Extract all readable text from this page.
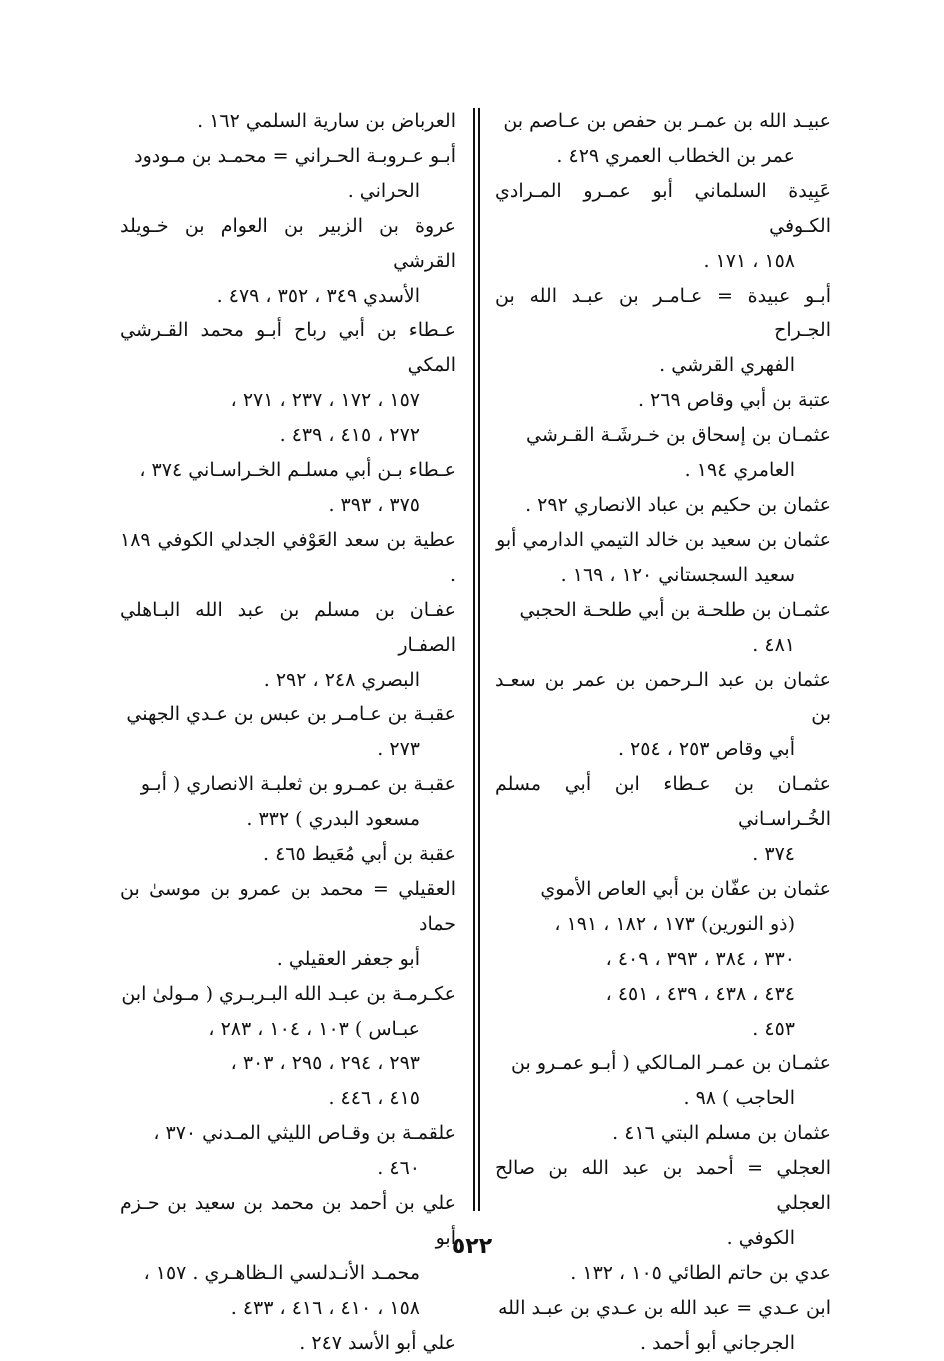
عبيـد الله بن عمـر بن حفص بن عـاصم بن
عمر بن الخطاب العمري ٤٢٩ .
عَبِيدة السلماني أبو عمـرو المـرادي الكـوفي
١٥٨ ، ١٧١ .
أبـو عبيدة = عـامـر بن عبـد الله بن الجـراح
الفهري القرشي .
عتبة بن أبي وقاص ٢٦٩ .
عثمـان بن إسحاق بن خـرشَـة القـرشي
العامري ١٩٤ .
عثمان بن حكيم بن عباد الانصاري ٢٩٢ .
عثمان بن سعيد بن خالد التيمي الدارمي أبو
سعيد السجستاني ١٢٠ ، ١٦٩ .
عثمـان بن طلحـة بن أبي طلحـة الحجبي
٤٨١ .
عثمان بن عبد الـرحمن بن عمر بن سعـد بن
أبي وقاص ٢٥٣ ، ٢٥٤ .
عثمـان بن عـطاء ابن أبي مسلم الخُـراسـاني
٣٧٤ .
عثمان بن عفّان بن أبي العاص الأموي
(ذو النورين) ١٧٣ ، ١٨٢ ، ١٩١ ،
٣٣٠ ، ٣٨٤ ، ٣٩٣ ، ٤٠٩ ،
٤٣٤ ، ٤٣٨ ، ٤٣٩ ، ٤٥١ ،
٤٥٣ .
عثمـان بن عمـر المـالكي ( أبـو عمـرو بن
الحاجب ) ٩٨ .
عثمان بن مسلم البتي ٤١٦ .
العجلي = أحمد بن عبد الله بن صالح العجلي
الكوفي .
عدي بن حاتم الطائي ١٠٥ ، ١٣٢ .
ابن عـدي = عبد الله بن عـدي بن عبـد الله
الجرجاني أبو أحمد .
العرباض بن سارية السلمي ١٦٢ .
أبـو عـروبـة الحـراني = محمـد بن مـودود
الحراني .
عروة بن الزبير بن العوام بن خـويلد القرشي
الأسدي ٣٤٩ ، ٣٥٢ ، ٤٧٩ .
عـطاء بن أبي رباح أبـو محمد القـرشي المكي
١٥٧ ، ١٧٢ ، ٢٣٧ ، ٢٧١ ،
٢٧٢ ، ٤١٥ ، ٤٣٩ .
عـطاء بـن أبي مسلـم الخـراسـاني ٣٧٤ ،
٣٧٥ ، ٣٩٣ .
عطية بن سعد العَوْفي الجدلي الكوفي ١٨٩ .
عفـان بن مسلم بن عبد الله البـاهلي الصفـار
البصري ٢٤٨ ، ٢٩٢ .
عقبـة بن عـامـر بن عبس بن عـدي الجهني
٢٧٣ .
عقبـة بن عمـرو بن ثعلبـة الانصاري ( أبـو
مسعود البدري ) ٣٣٢ .
عقبة بن أبي مُعَيط ٤٦٥ .
العقيلي = محمد بن عمرو بن موسىٰ بن حماد
أبو جعفر العقيلي .
عكـرمـة بن عبـد الله البـربـري ( مـولىٰ ابن
عبـاس ) ١٠٣ ، ١٠٤ ، ٢٨٣ ،
٢٩٣ ، ٢٩٤ ، ٢٩٥ ، ٣٠٣ ،
٤١٥ ، ٤٤٦ .
علقمـة بن وقـاص الليثي المـدني ٣٧٠ ،
٤٦٠ .
علي بن أحمد بن محمد بن سعيد بن حـزم أبو
محمـد الأنـدلسي الـظاهـري . ١٥٧ ،
١٥٨ ، ٤١٠ ، ٤١٦ ، ٤٣٣ .
علي أبو الأسد ٢٤٧ .
٥٢٢
